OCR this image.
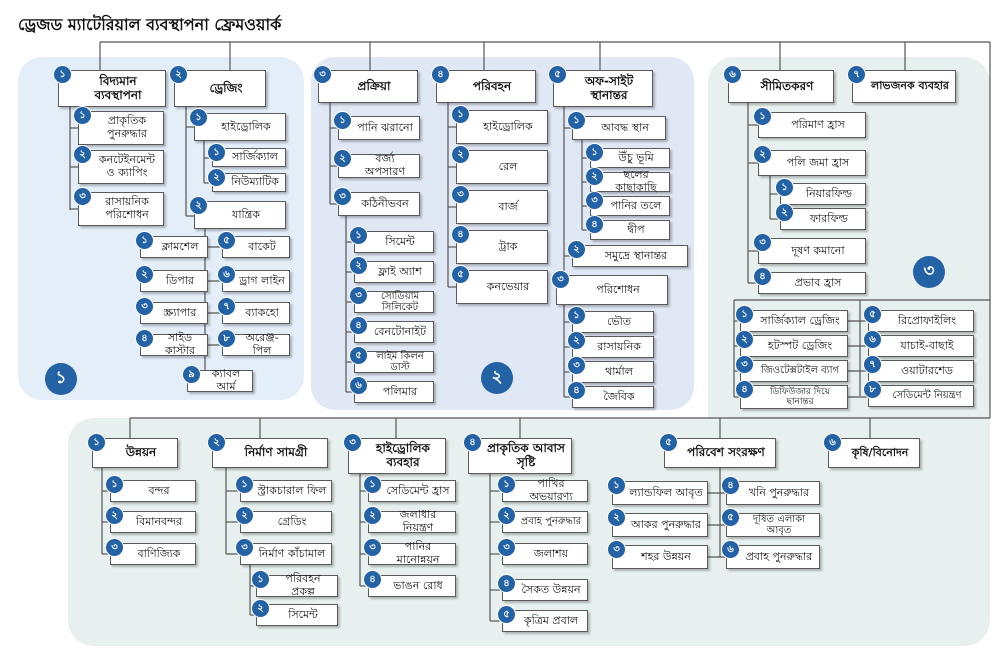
ড্রেজড ম্যাটেরিয়াল ব্যবস্থাপনা ফ্রেমওয়ার্ক
১	২
৩
১	বিদ্যমান ব্যবস্থাপনা
১	প্রাকৃতিক পুনরুদ্ধার
২	কনটেইনমেন্ট ও ক্যাপিং
৩	রাসায়নিক পরিশোধন
২
ড্রেজিং
১
হাইড্রোলিক
১	সার্জিক্যাল
২	নিউম্যাটিক
২
যান্ত্রিক
১	ক্লামশেল
২	ডিপার
৩	স্ক্র্যাপার
৪	সাইড কাস্টার
৫	বাকেট
৬ ড্রাগ লাইন
৭	ব্যাকহো
৮	অরেঞ্জ-পিল
৯	ক্যাবল আর্ম
৩
প্রক্রিয়া
১
পানি ঝরানো
২	বর্জ্য অপসারণ
৩
কঠিনীভবন
১	সিমেন্ট
২	ফ্লাই অ্যাশ
৩	সোডিয়াম সিলিকেট
৪	বেনটোনাইট
৫	লাইম কিলন ডাস্ট
৬	পলিমার
৪
পরিবহন
১
হাইড্রোলিক
২
রেল
৩
বার্জ
৪
ট্রাক
৫
কনভেয়ার
৫	অফ-সাইট স্থানান্তর
১
আবদ্ধ স্থান
১	উঁচু ভূমি
২	ছলের কাছাকাছি
৩	পানির তলে
৪	দ্বীপ
২	সমুদ্রে স্থানান্তর
৩
পরিশোধন
১	ভৌত
২	রাসায়নিক
৩	থার্মাল
৪	জৈবিক
৬
সীমিতকরণ
১
পরিমাণ হ্রাস
২
পলি জমা হ্রাস
১	নিয়ারফিল্ড
২	ফারফিল্ড
৩
দূষণ কমানো
৪	প্রভাব হ্রাস
৭
লাভজনক ব্যবহার
১	সার্জিক্যাল ড্রেজিং
২	হটস্পট ড্রেজিং
৩
জিওটেক্সটাইল ব্যাগ
৪	ডিফিউজার দিয়ে ছানান্তর
৫	রিপ্রোফাইলিং
৬	যাচাই-বাছাই
৭	ওয়াটারশেড
৮
সেডিমেন্ট নিয়ন্ত্রণ
১
উন্নয়ন
১	বন্দর
২	বিমানবন্দর
৩	বাণিজ্যিক
২
নির্মাণ সামগ্রী
১ স্ট্রাকচারাল ফিল
২	গ্রেডিং
৩ নির্মাণ কাঁচামাল
১	পরিবহন প্রকল্প
২	সিমেন্ট
৩	হাইড্রোলিক ব্যবহার
১ সেডিমেন্ট হ্রাস
২	জলাধার নিয়ন্ত্রণ
৩	পানির মানোন্নয়ন
৪	ভাঙন রোধ
৪ প্রাকৃতিক আবাস সৃষ্টি
১	পাখির অভয়ারণ্য
২
প্রবাহ পুনরুদ্ধার
৩	জলাশয়
৪	সৈকত উন্নয়ন
৫	কৃত্রিম প্রবাল
৫
পরিবেশ সংরক্ষণ
১
ল্যান্ডফিল আবৃত
২
আকর পুনরুদ্ধার
৩
শহর উন্নয়ন
৪
খনি পুনরুদ্ধার
৫	দূষিত এলাকা আবৃত
৬
প্রবাহ পুনরুদ্ধার
৬
কৃষি/বিনোদন
